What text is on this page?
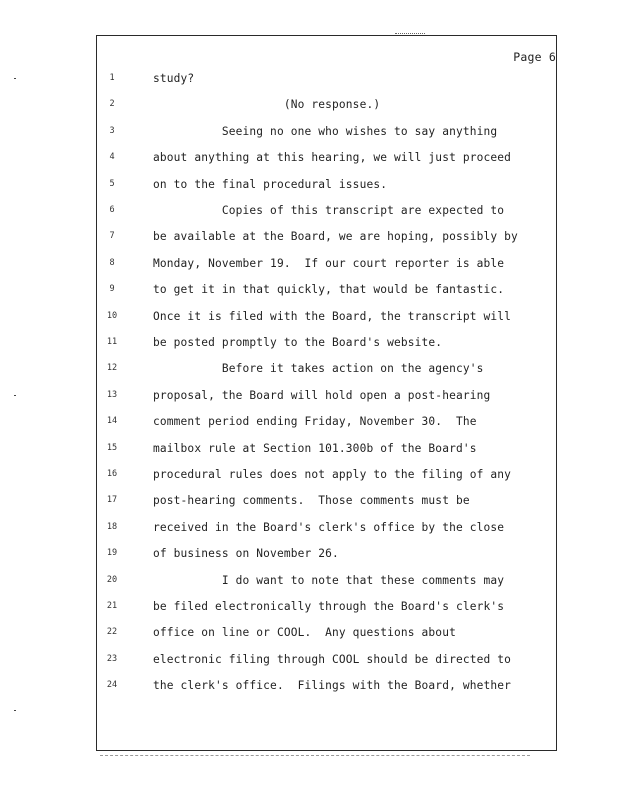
Page 6
1	study?
2	(No response.)
3	Seeing no one who wishes to say anything
4	about anything at this hearing, we will just proceed
5	on to the final procedural issues.
6	Copies of this transcript are expected to
7	be available at the Board, we are hoping, possibly by
8	Monday, November 19.  If our court reporter is able
9	to get it in that quickly, that would be fantastic.
10	Once it is filed with the Board, the transcript will
11	be posted promptly to the Board's website.
12	Before it takes action on the agency's
13	proposal, the Board will hold open a post-hearing
14	comment period ending Friday, November 30.  The
15	mailbox rule at Section 101.300b of the Board's
16	procedural rules does not apply to the filing of any
17	post-hearing comments.  Those comments must be
18	received in the Board's clerk's office by the close
19	of business on November 26.
20	I do want to note that these comments may
21	be filed electronically through the Board's clerk's
22	office on line or COOL.  Any questions about
23	electronic filing through COOL should be directed to
24	the clerk's office.  Filings with the Board, whether
